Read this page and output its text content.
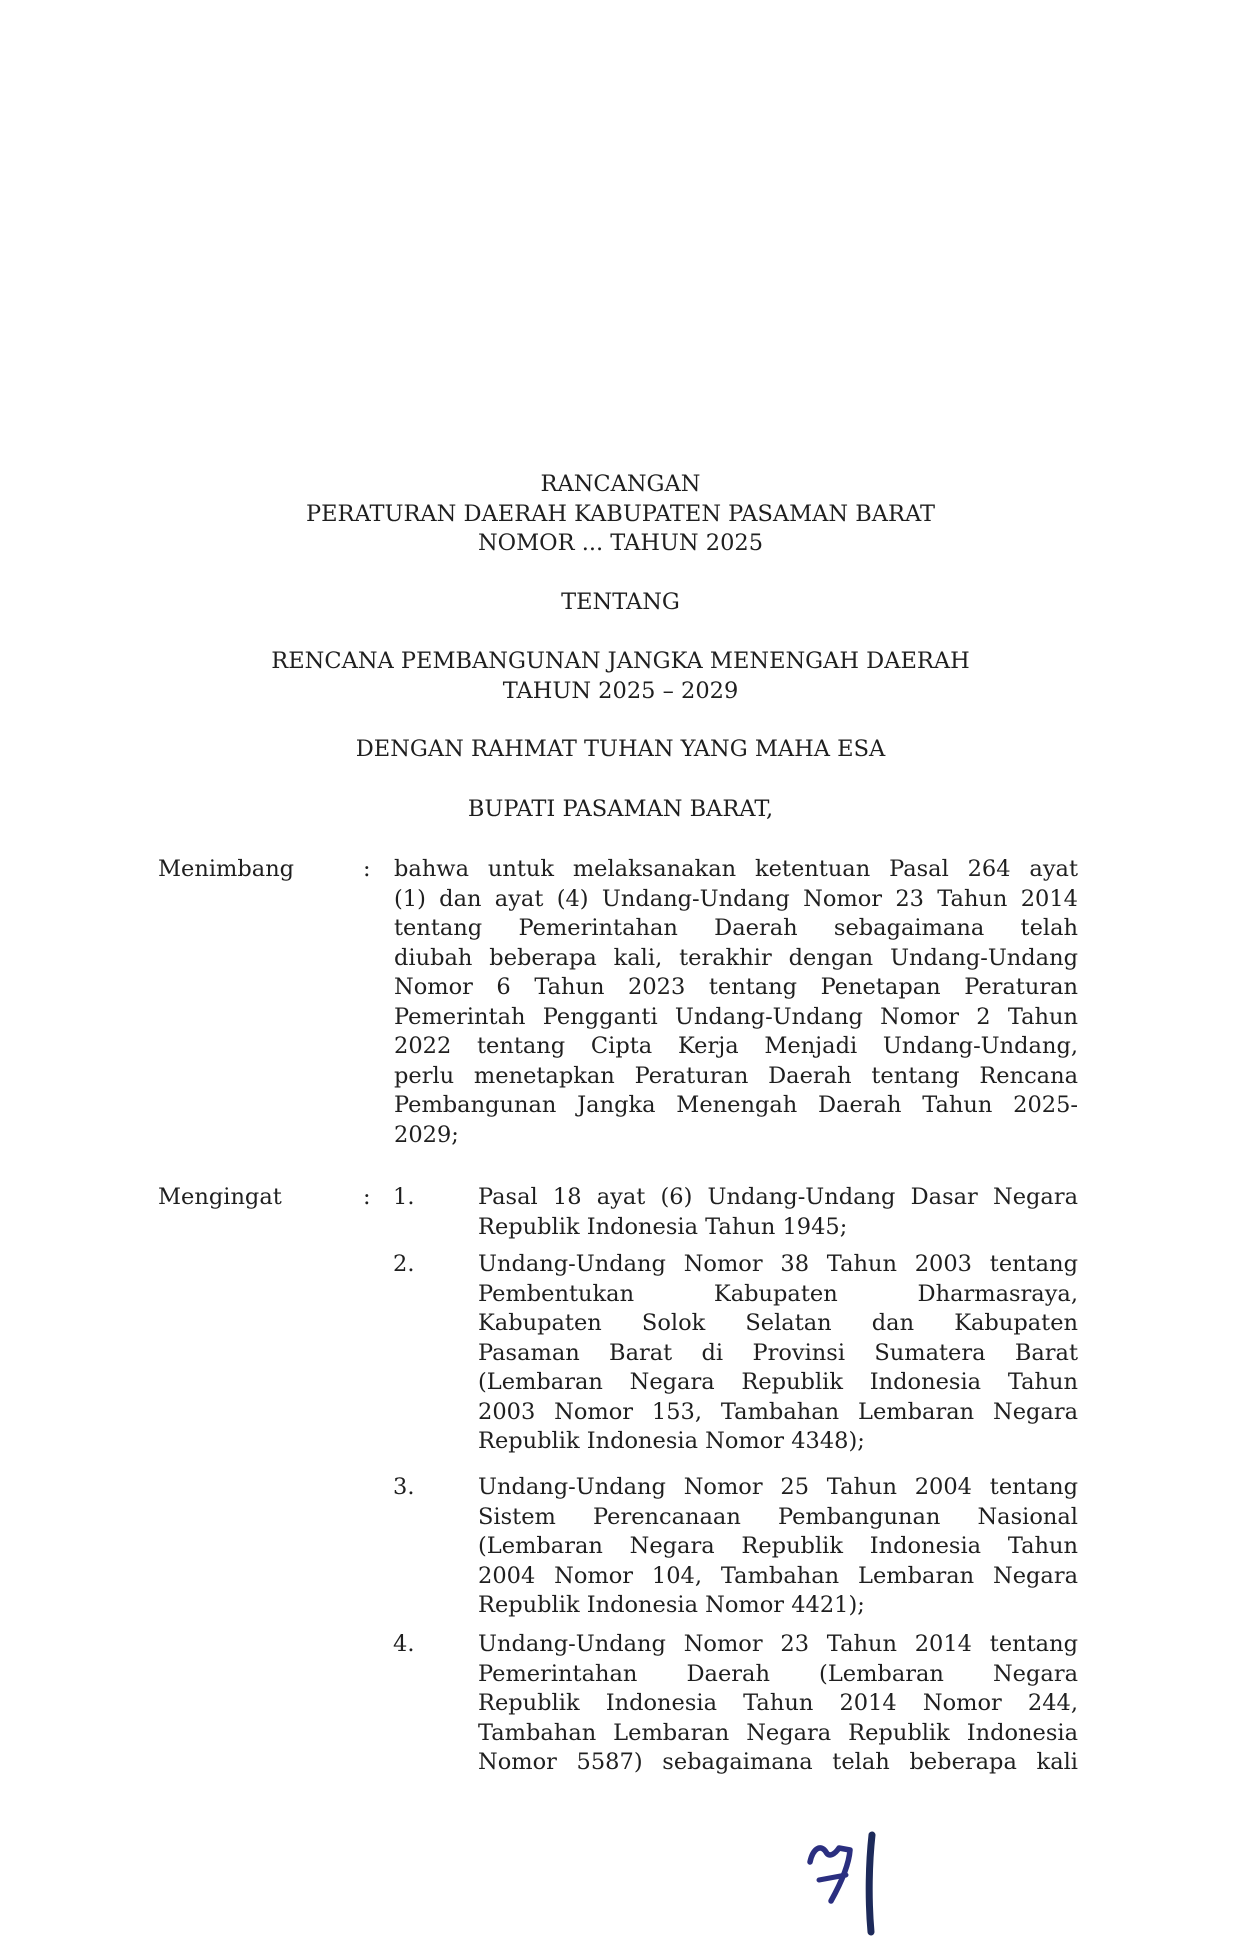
RANCANGAN
PERATURAN DAERAH KABUPATEN PASAMAN BARAT
NOMOR ... TAHUN 2025
TENTANG
RENCANA PEMBANGUNAN JANGKA MENENGAH DAERAH
TAHUN 2025 – 2029
DENGAN RAHMAT TUHAN YANG MAHA ESA
BUPATI PASAMAN BARAT,
Menimbang	: bahwa untuk melaksanakan ketentuan Pasal 264 ayat
(1) dan ayat (4) Undang-Undang Nomor 23 Tahun 2014
tentang Pemerintahan Daerah sebagaimana telah
diubah beberapa kali, terakhir dengan Undang-Undang
Nomor 6 Tahun 2023 tentang Penetapan Peraturan
Pemerintah Pengganti Undang-Undang Nomor 2 Tahun
2022 tentang Cipta Kerja Menjadi Undang-Undang,
perlu menetapkan Peraturan Daerah tentang Rencana
Pembangunan Jangka Menengah Daerah Tahun 2025-
2029;
Mengingat	: 1.	Pasal 18 ayat (6) Undang-Undang Dasar Negara
Republik Indonesia Tahun 1945;
2.	Undang-Undang Nomor 38 Tahun 2003 tentang
Pembentukan Kabupaten Dharmasraya,
Kabupaten Solok Selatan dan Kabupaten
Pasaman Barat di Provinsi Sumatera Barat
(Lembaran Negara Republik Indonesia Tahun
2003 Nomor 153, Tambahan Lembaran Negara
Republik Indonesia Nomor 4348);
3.	Undang-Undang Nomor 25 Tahun 2004 tentang
Sistem Perencanaan Pembangunan Nasional
(Lembaran Negara Republik Indonesia Tahun
2004 Nomor 104, Tambahan Lembaran Negara
Republik Indonesia Nomor 4421);
4.	Undang-Undang Nomor 23 Tahun 2014 tentang
Pemerintahan Daerah (Lembaran Negara
Republik Indonesia Tahun 2014 Nomor 244,
Tambahan Lembaran Negara Republik Indonesia
Nomor 5587) sebagaimana telah beberapa kali
